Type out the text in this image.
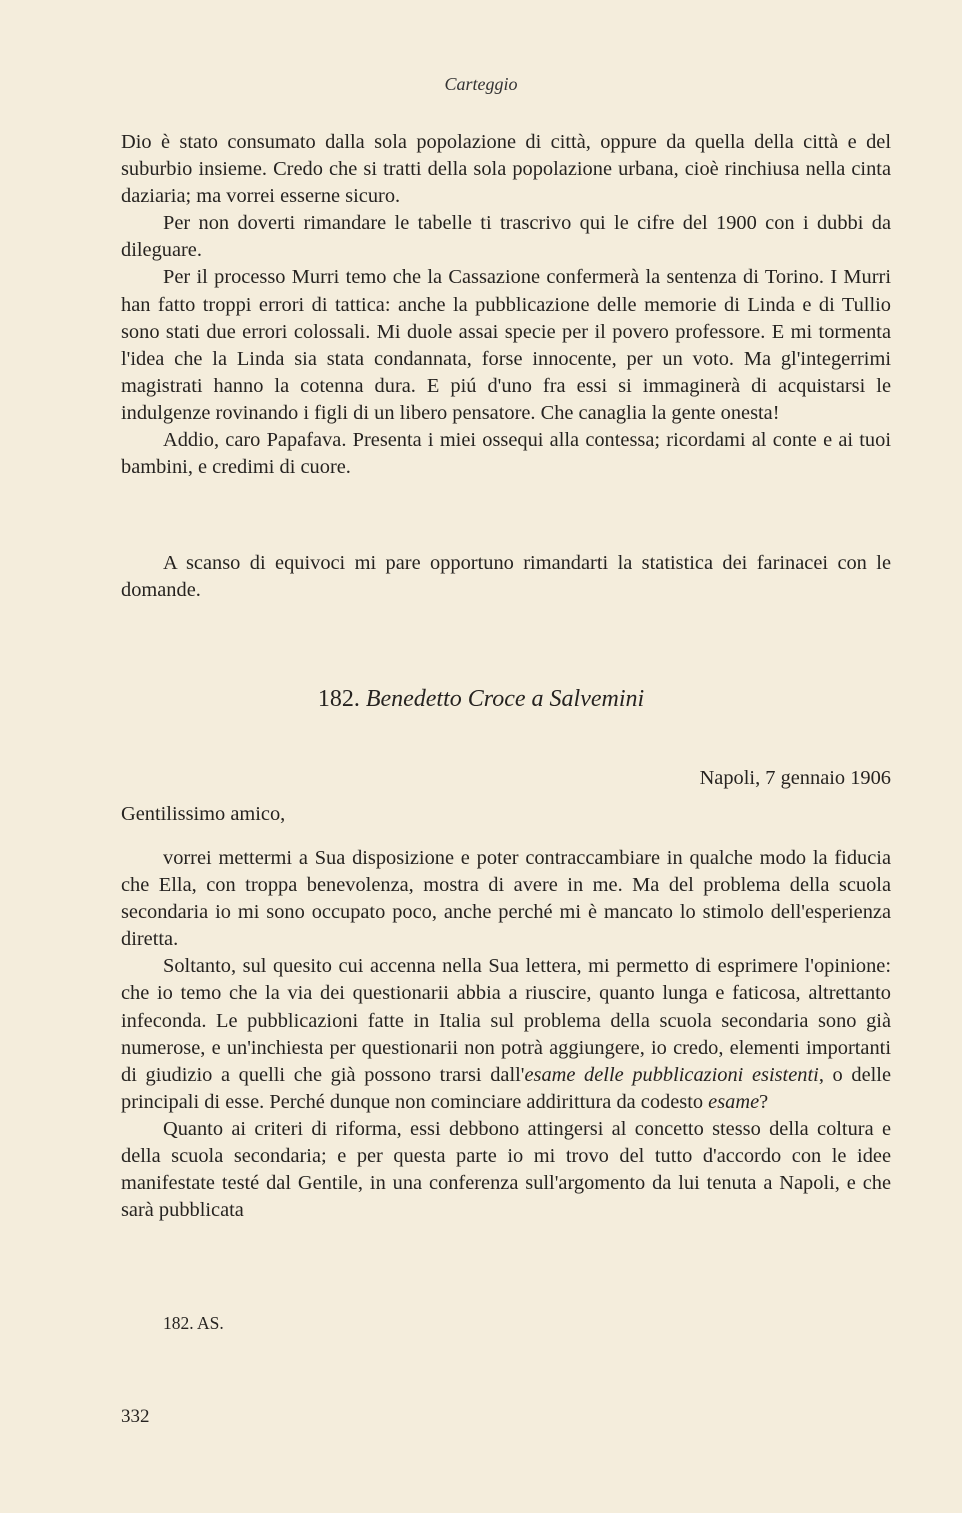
Carteggio

Dio è stato consumato dalla sola popolazione di città, oppure da quella della città e del suburbio insieme. Credo che si tratti della sola popolazione urbana, cioè rinchiusa nella cinta daziaria; ma vorrei esserne sicuro.

Per non doverti rimandare le tabelle ti trascrivo qui le cifre del 1900 con i dubbi da dileguare.

Per il processo Murri temo che la Cassazione confermerà la sentenza di Torino. I Murri han fatto troppi errori di tattica: anche la pubblicazione delle memorie di Linda e di Tullio sono stati due errori colossali. Mi duole assai specie per il povero professore. E mi tormenta l'idea che la Linda sia stata condannata, forse innocente, per un voto. Ma gl'integerrimi magistrati hanno la cotenna dura. E piú d'uno fra essi si immaginerà di acquistarsi le indulgenze rovinando i figli di un libero pensatore. Che canaglia la gente onesta!

Addio, caro Papafava. Presenta i miei ossequi alla contessa; ricordami al conte e ai tuoi bambini, e credimi di cuore.

A scanso di equivoci mi pare opportuno rimandarti la statistica dei farinacei con le domande.

182. Benedetto Croce a Salvemini
Napoli, 7 gennaio 1906
Gentilissimo amico,

vorrei mettermi a Sua disposizione e poter contraccambiare in qualche modo la fiducia che Ella, con troppa benevolenza, mostra di avere in me. Ma del problema della scuola secondaria io mi sono occupato poco, anche perché mi è mancato lo stimolo dell'esperienza diretta.

Soltanto, sul quesito cui accenna nella Sua lettera, mi permetto di esprimere l'opinione: che io temo che la via dei questionarii abbia a riuscire, quanto lunga e faticosa, altrettanto infeconda. Le pubblicazioni fatte in Italia sul problema della scuola secondaria sono già numerose, e un'inchiesta per questionarii non potrà aggiungere, io credo, elementi importanti di giudizio a quelli che già possono trarsi dall'esame delle pubblicazioni esistenti, o delle principali di esse. Perché dunque non cominciare addirittura da codesto esame?

Quanto ai criteri di riforma, essi debbono attingersi al concetto stesso della coltura e della scuola secondaria; e per questa parte io mi trovo del tutto d'accordo con le idee manifestate testé dal Gentile, in una conferenza sull'argomento da lui tenuta a Napoli, e che sarà pubblicata

182. AS.
332
